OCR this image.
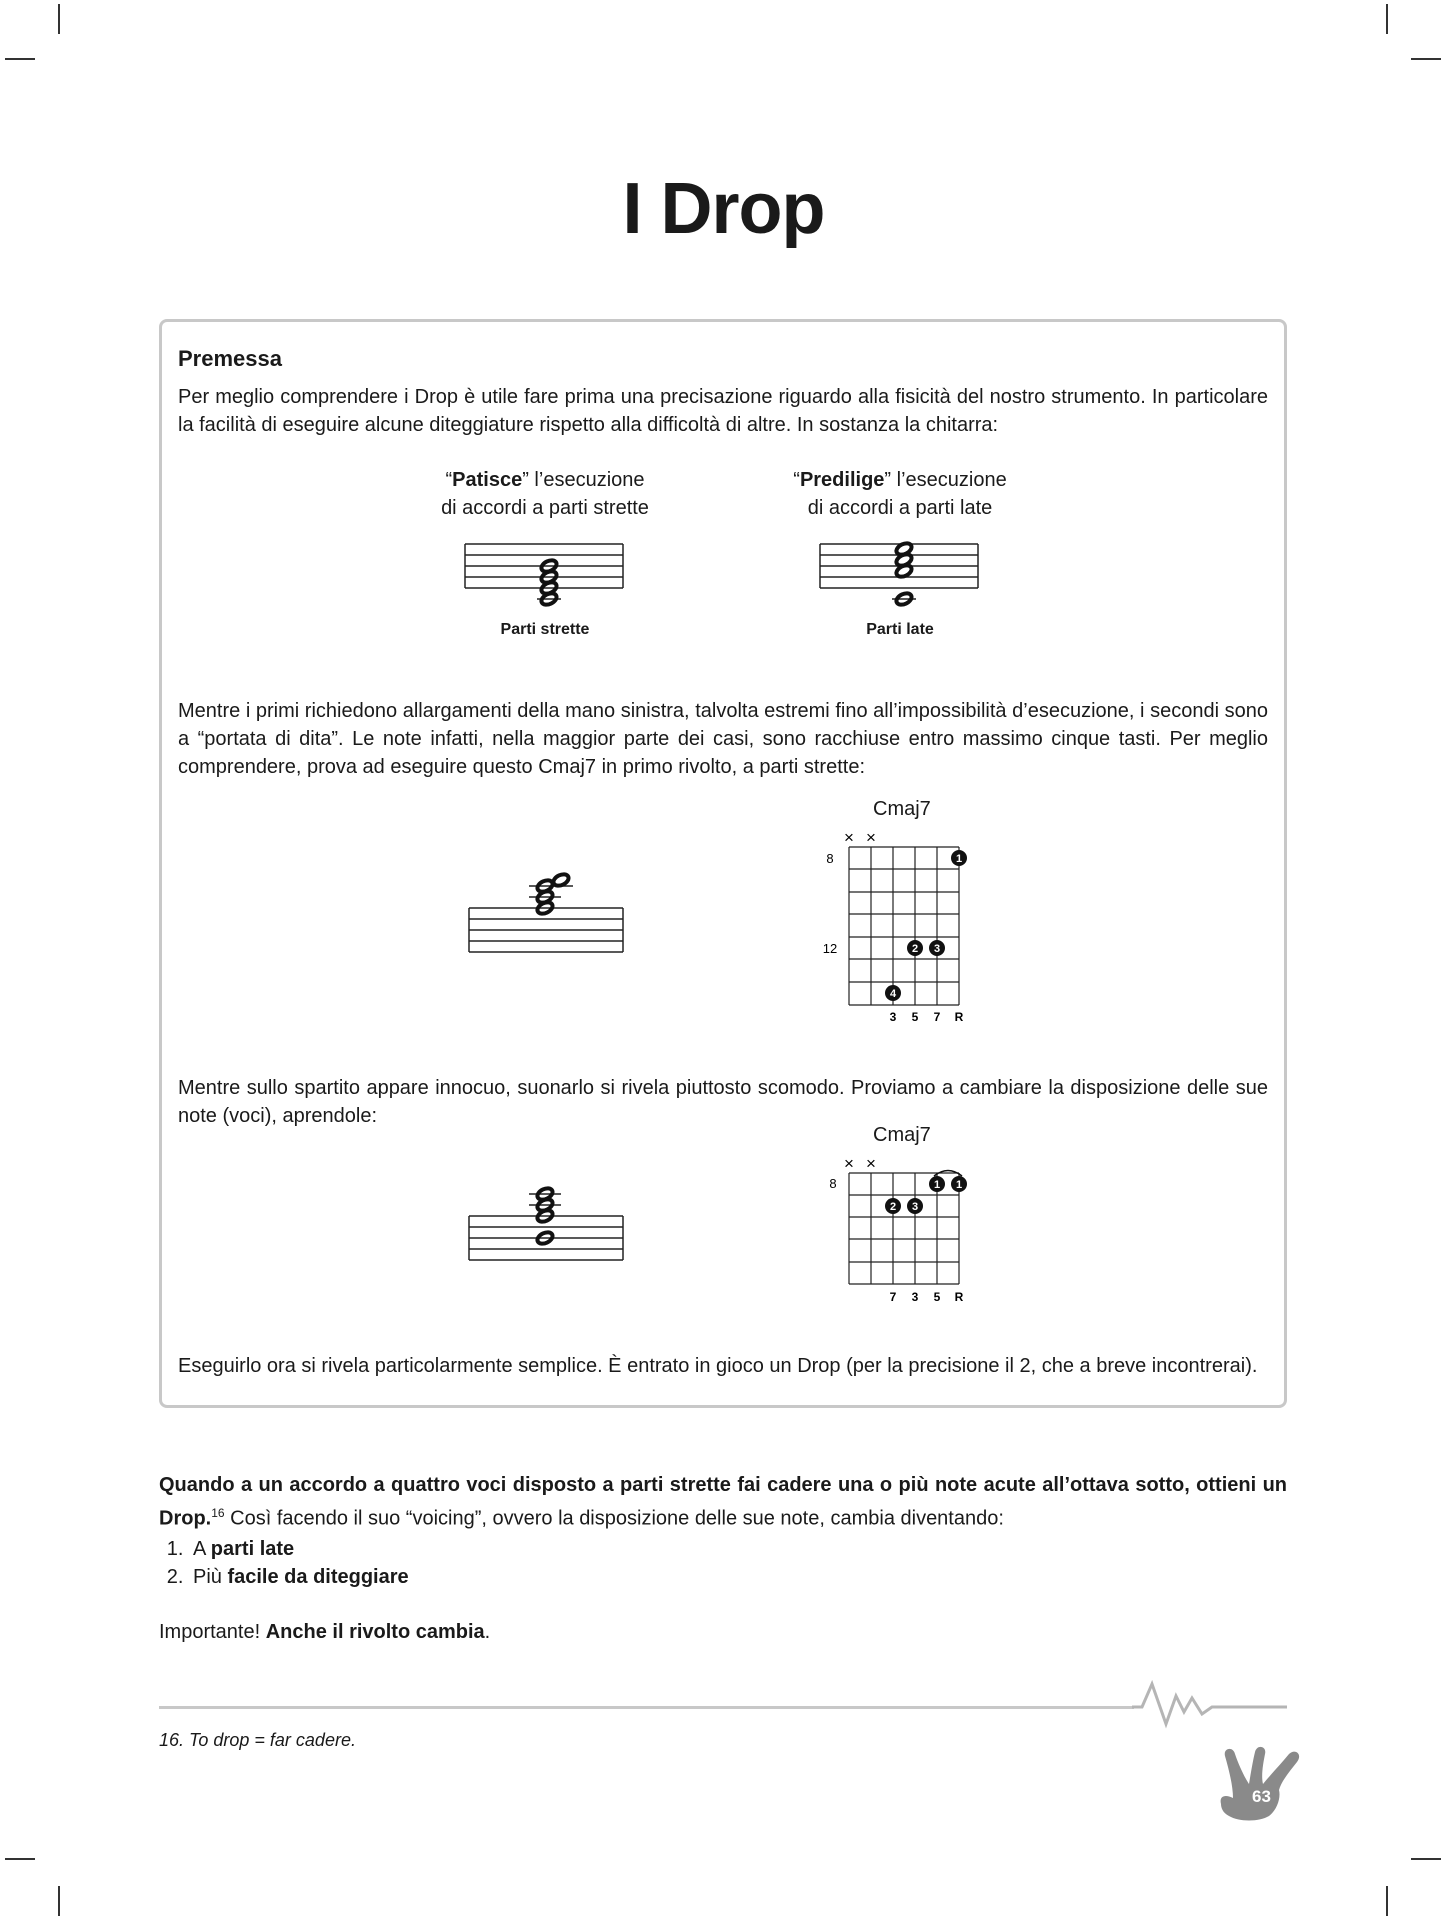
I Drop
Premessa

Per meglio comprendere i Drop è utile fare prima una precisazione riguardo alla fisicità del nostro strumento. In particolare la facilità di eseguire alcune diteggiature rispetto alla difficoltà di altre. In sostanza la chitarra:

“Patisce” l’esecuzione
di accordi a parti strette
“Predilige” l’esecuzione
di accordi a parti late
Parti strette	Parti late

Mentre i primi richiedono allargamenti della mano sinistra, talvolta estremi fino all’impossibilità d’esecuzione, i secondi sono a “portata di dita”. Le note infatti, nella maggior parte dei casi, sono racchiuse entro massimo cinque tasti. Per meglio comprendere, prova ad eseguire questo Cmaj7 in primo rivolto, a parti strette:

Cmaj7
× ×
8
12
1
2 3
4
3 5 7 R

Mentre sullo spartito appare innocuo, suonarlo si rivela piuttosto scomodo. Proviamo a cambiare la disposizione delle sue note (voci), aprendole:

Cmaj7
× ×
8	1 1
2 3
7 3 5 R

Eseguirlo ora si rivela particolarmente semplice. È entrato in gioco un Drop (per la precisione il 2, che a breve incontrerai).

Quando a un accordo a quattro voci disposto a parti strette fai cadere una o più note acute all’ottava sotto, ottieni un Drop.$^{16}$ Così facendo il suo “voicing”, ovvero la disposizione delle sue note, cambia diventando:

1. A parti late
2. Più facile da diteggiare

Importante! Anche il rivolto cambia.

16. To drop = far cadere.
63
